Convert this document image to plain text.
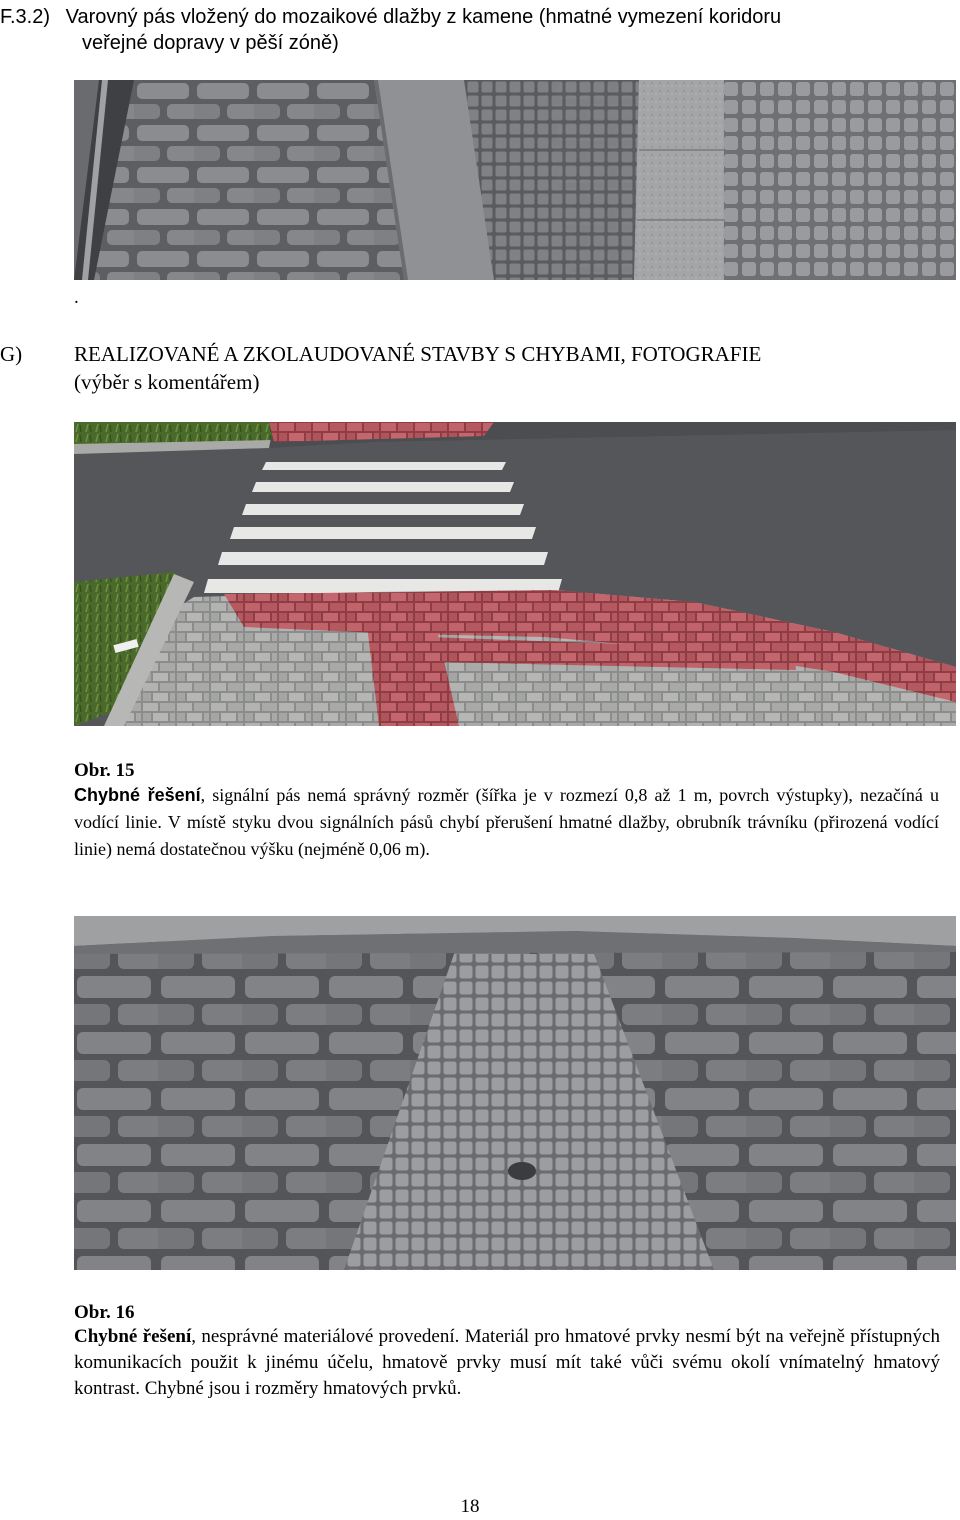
F.3.2) Varovný pás vložený do mozaikové dlažby z kamene (hmatné vymezení koridoru
veřejné dopravy v pěší zóně)
.
G) REALIZOVANÉ A ZKOLAUDOVANÉ STAVBY S CHYBAMI, FOTOGRAFIE
(výběr s komentářem)
Obr. 15
Chybné řešení, signální pás nemá správný rozměr (šířka je v rozmezí 0,8 až 1 m, povrch výstupky), nezačíná u vodící linie. V místě styku dvou signálních pásů chybí přerušení hmatné dlažby, obrubník trávníku (přirozená vodící linie) nemá dostatečnou výšku (nejméně 0,06 m).
Obr. 16
Chybné řešení, nesprávné materiálové provedení. Materiál pro hmatové prvky nesmí být na veřejně přístupných komunikacích použit k jinému účelu, hmatově prvky musí mít také vůči svému okolí vnímatelný hmatový kontrast. Chybné jsou i rozměry hmatových prvků.
18
